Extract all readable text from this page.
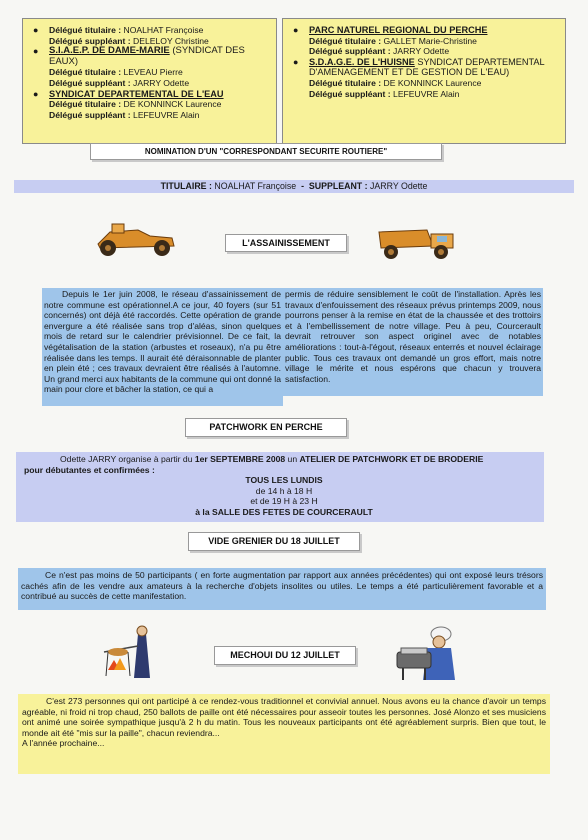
● Délégué titulaire : NOALHAT Françoise
Délégué suppléant : DELELOY Christine
● S.I.A.E.P. DE DAME-MARIE (SYNDICAT DES EAUX)
Délégué titulaire : LEVEAU Pierre
Délégué suppléant : JARRY Odette
● SYNDICAT DEPARTEMENTAL DE L'EAU
Délégué titulaire : DE KONNINCK Laurence
Délégué suppléant : LEFEUVRE Alain
● PARC NATUREL REGIONAL DU PERCHE
Délégué titulaire : GALLET Marie-Christine
Délégué suppléant : JARRY Odette
● S.D.A.G.E. DE L'HUISNE SYNDICAT DEPARTEMENTAL D'AMENAGEMENT ET DE GESTION DE L'EAU)
Délégué titulaire : DE KONNINCK Laurence
Délégué suppléant : LEFEUVRE Alain
NOMINATION D'UN "CORRESPONDANT SECURITE ROUTIERE"
TITULAIRE : NOALHAT Françoise - SUPPLEANT : JARRY Odette
L'ASSAINISSEMENT
Depuis le 1er juin 2008, le réseau d'assainissement de notre commune est opérationnel.A ce jour, 40 foyers (sur 51 concernés) ont déjà été raccordés. Cette opération de grande envergure a été réalisée sans trop d'aléas, sinon quelques mois de retard sur le calendrier prévisionnel. De ce fait, la végétalisation de la station (arbustes et roseaux), n'a pu être réalisée dans les temps. Il aurait été déraisonnable de planter en plein été ; ces travaux devraient être réalisés à l'automne. Un grand merci aux habitants de la commune qui ont donné la main pour clore et bâcher la station, ce qui a
permis de réduire sensiblement le coût de l'installation. Après les travaux d'enfouissement des réseaux prévus printemps 2009, nous pourrons penser à la remise en état de la chaussée et des trottoirs et à l'embellissement de notre village. Peu à peu, Courcerault devrait retrouver son aspect originel avec de notables améliorations : tout-à-l'égout, réseaux enterrés et nouvel éclairage public. Tous ces travaux ont demandé un gros effort, mais notre village le mérite et nous espérons que chacun y trouvera satisfaction.
PATCHWORK EN PERCHE
Odette JARRY organise à partir du 1er SEPTEMBRE 2008 un ATELIER DE PATCHWORK ET DE BRODERIE
pour débutantes et confirmées :
TOUS LES LUNDIS
de 14 h à 18 H
et de 19 H à 23 H
à la SALLE DES FETES DE COURCERAULT
VIDE GRENIER DU 18 JUILLET
Ce n'est pas moins de 50 participants ( en forte augmentation par rapport aux années précédentes) qui ont exposé leurs trésors cachés afin de les vendre aux amateurs à la recherche d'objets insolites ou utiles. Le temps a été particulièrement favorable et a contribué au succès de cette manifestation.
MECHOUI DU 12 JUILLET
C'est 273 personnes qui ont participé à ce rendez-vous traditionnel et convivial annuel. Nous avons eu la chance d'avoir un temps agréable, ni froid ni trop chaud, 250 ballots de paille ont été nécessaires pour asseoir toutes les personnes. José Alonzo et ses musiciens ont animé une soirée sympathique jusqu'à 2 h du matin. Tous les nouveaux participants ont été agréablement surpris. Bien que tout, le monde ait été "mis sur la paille", chacun reviendra...
A l'année prochaine...
